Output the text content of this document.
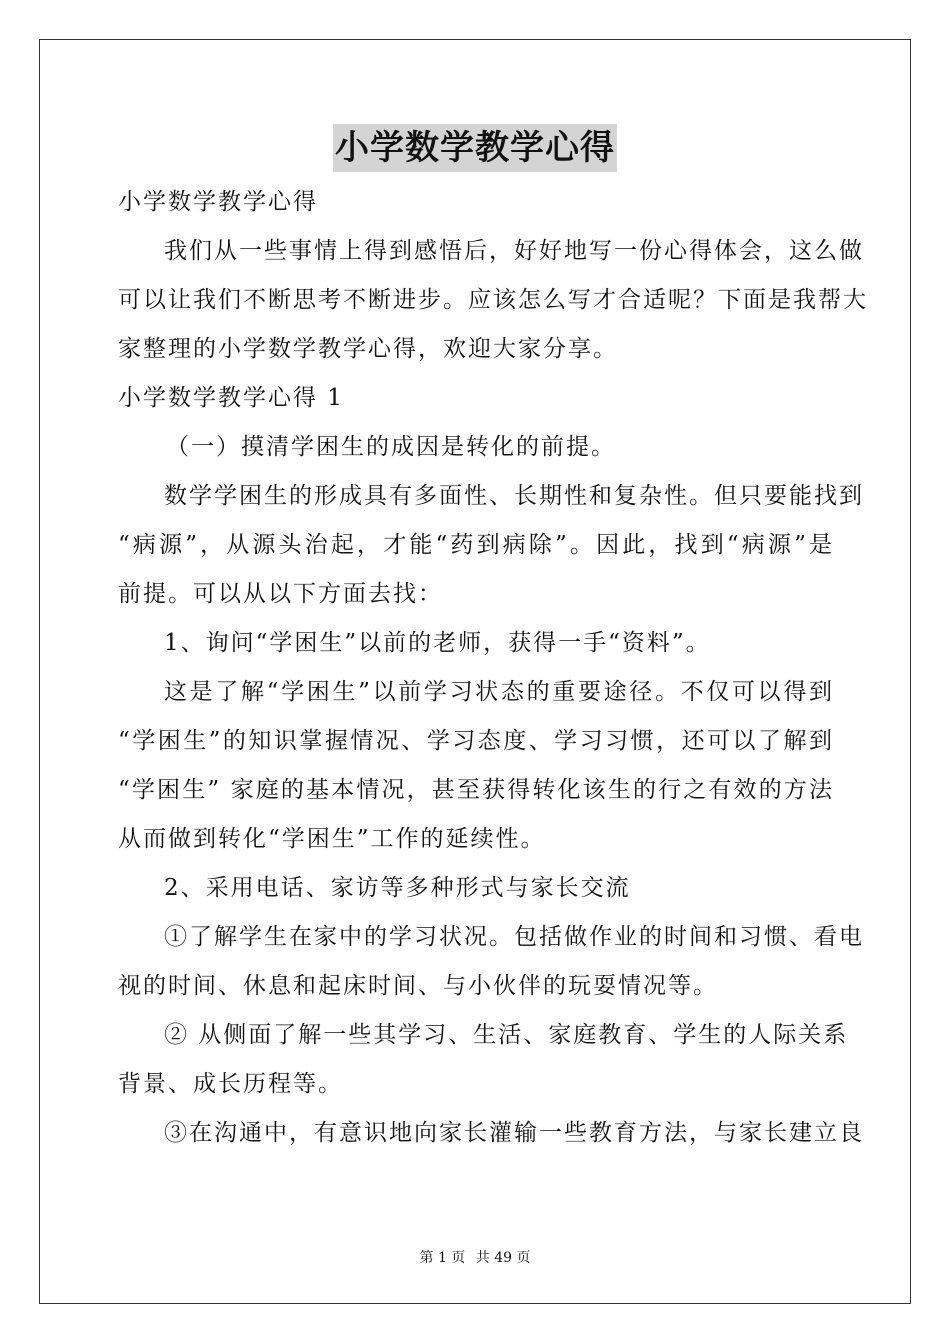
小学数学教学心得
小学数学教学心得
我们从一些事情上得到感悟后，好好地写一份心得体会，这么做
可以让我们不断思考不断进步。应该怎么写才合适呢？下面是我帮大
家整理的小学数学教学心得，欢迎大家分享。
小学数学教学心得 1
（一）摸清学困生的成因是转化的前提。
数学学困生的形成具有多面性、长期性和复杂性。但只要能找到
“病源”，从源头治起，才能“药到病除”。因此，找到“病源”是
前提。可以从以下方面去找：
1、询问“学困生”以前的老师，获得一手“资料”。
这是了解“学困生”以前学习状态的重要途径。不仅可以得到
“学困生”的知识掌握情况、学习态度、学习习惯，还可以了解到
“学困生” 家庭的基本情况，甚至获得转化该生的行之有效的方法
从而做到转化“学困生”工作的延续性。
2、采用电话、家访等多种形式与家长交流
①了解学生在家中的学习状况。包括做作业的时间和习惯、看电
视的时间、休息和起床时间、与小伙伴的玩耍情况等。
② 从侧面了解一些其学习、生活、家庭教育、学生的人际关系
背景、成长历程等。
③在沟通中，有意识地向家长灌输一些教育方法，与家长建立良
第 1 页 共 49 页
